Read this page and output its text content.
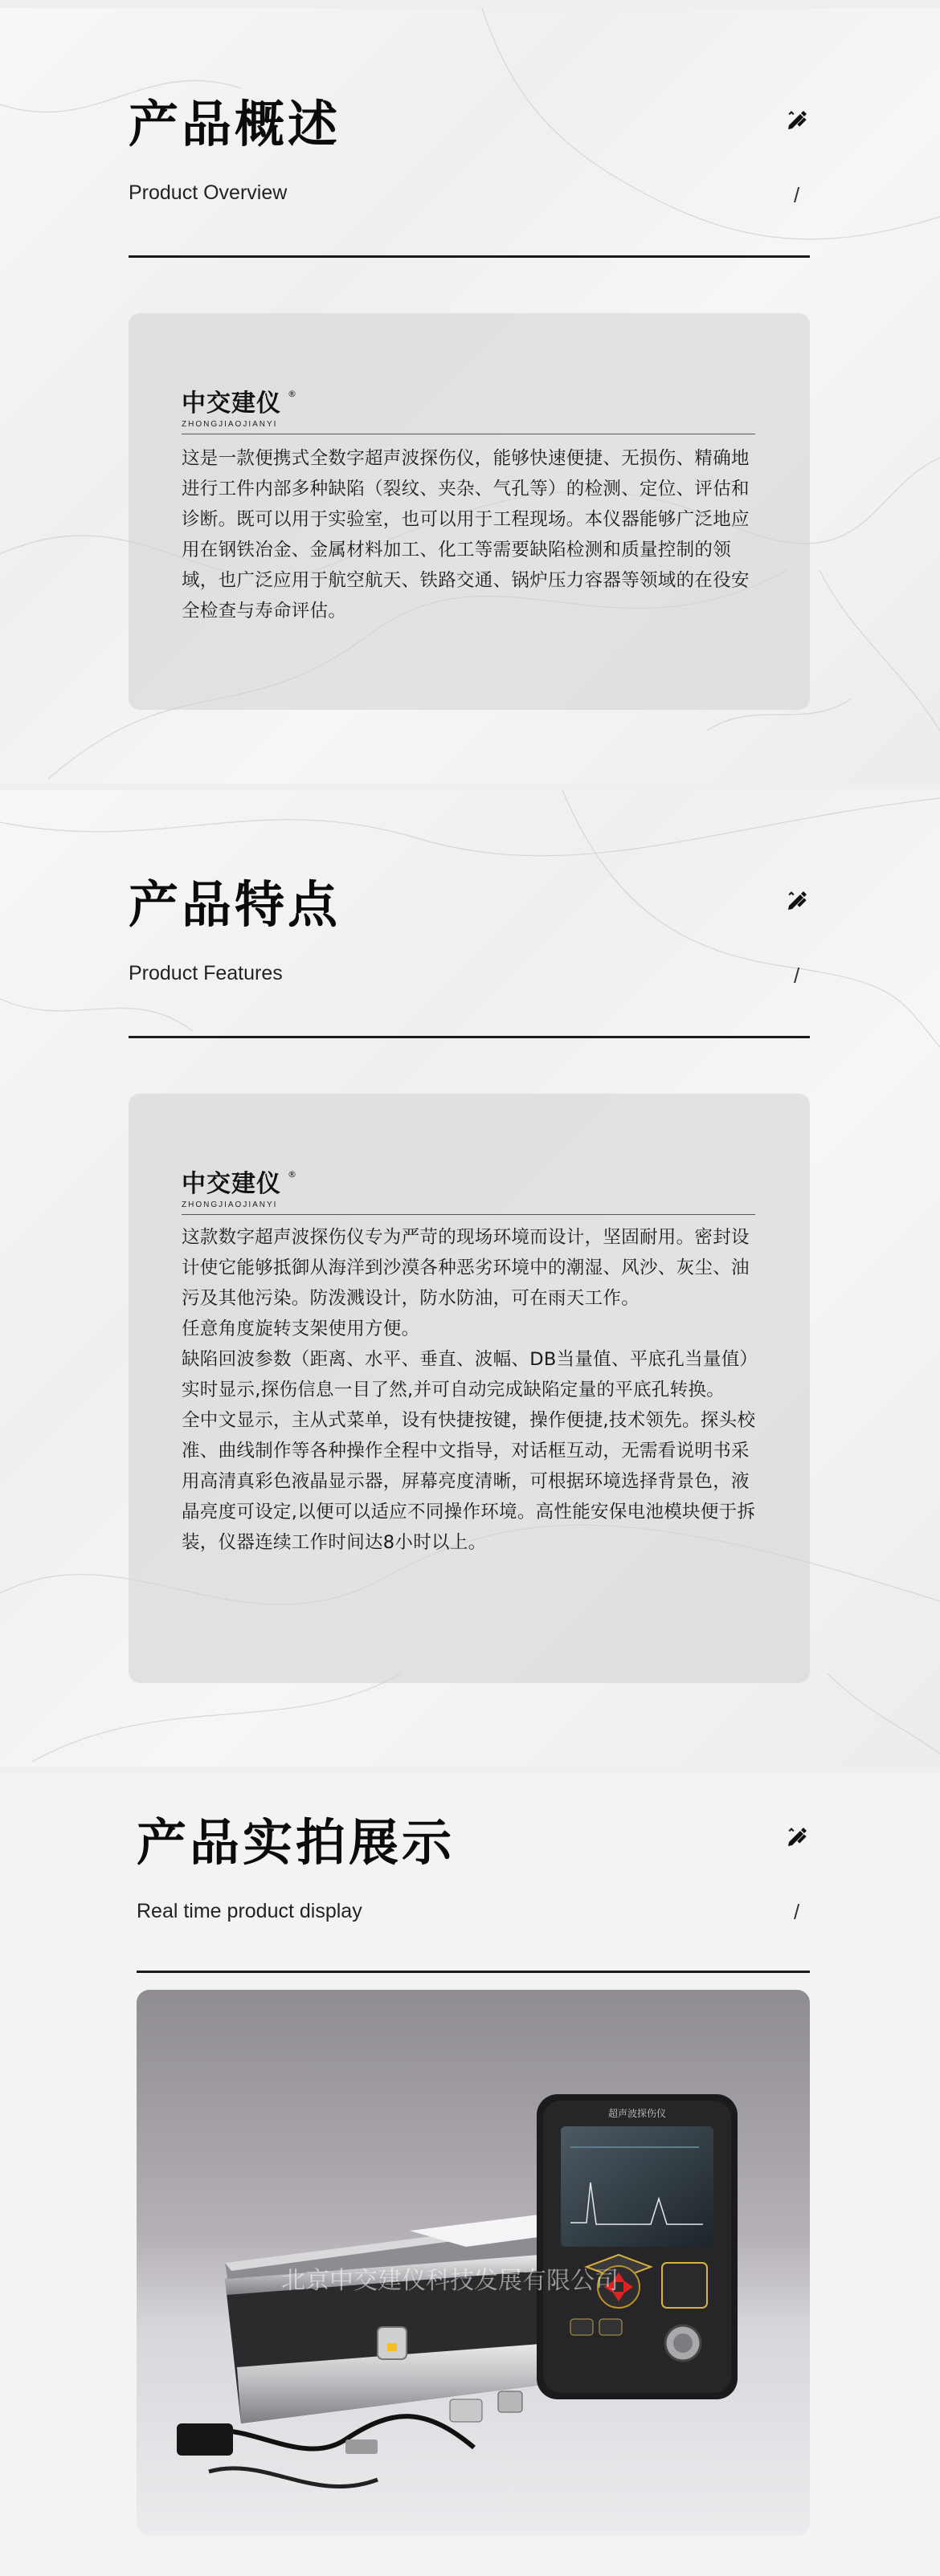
产品概述
Product Overview	/
中交建仪 ®
ZHONGJIAOJIANYI

这是一款便携式全数字超声波探伤仪，能够快速便捷、无损伤、精确地进行工件内部多种缺陷（裂纹、夹杂、气孔等）的检测、定位、评估和诊断。既可以用于实验室，也可以用于工程现场。本仪器能够广泛地应用在钢铁冶金、金属材料加工、化工等需要缺陷检测和质量控制的领域，也广泛应用于航空航天、铁路交通、锅炉压力容器等领域的在役安全检查与寿命评估。

产品特点
Product Features	/
中交建仪 ®
ZHONGJIAOJIANYI

这款数字超声波探伤仪专为严苛的现场环境而设计，坚固耐用。密封设计使它能够抵御从海洋到沙漠各种恶劣环境中的潮湿、风沙、灰尘、油污及其他污染。防泼溅设计，防水防油，可在雨天工作。

任意角度旋转支架使用方便。

缺陷回波参数（距离、水平、垂直、波幅、DB当量值、平底孔当量值）实时显示,探伤信息一目了然,并可自动完成缺陷定量的平底孔转换。

全中文显示，主从式菜单，设有快捷按键，操作便捷,技术领先。探头校准、曲线制作等各种操作全程中文指导，对话框互动，无需看说明书采用高清真彩色液晶显示器，屏幕亮度清晰，可根据环境选择背景色，液晶亮度可设定,以便可以适应不同操作环境。高性能安保电池模块便于拆装，仪器连续工作时间达8小时以上。

产品实拍展示
Real time product display	/
超声波探伤仪
北京中交建仪科技发展有限公司
